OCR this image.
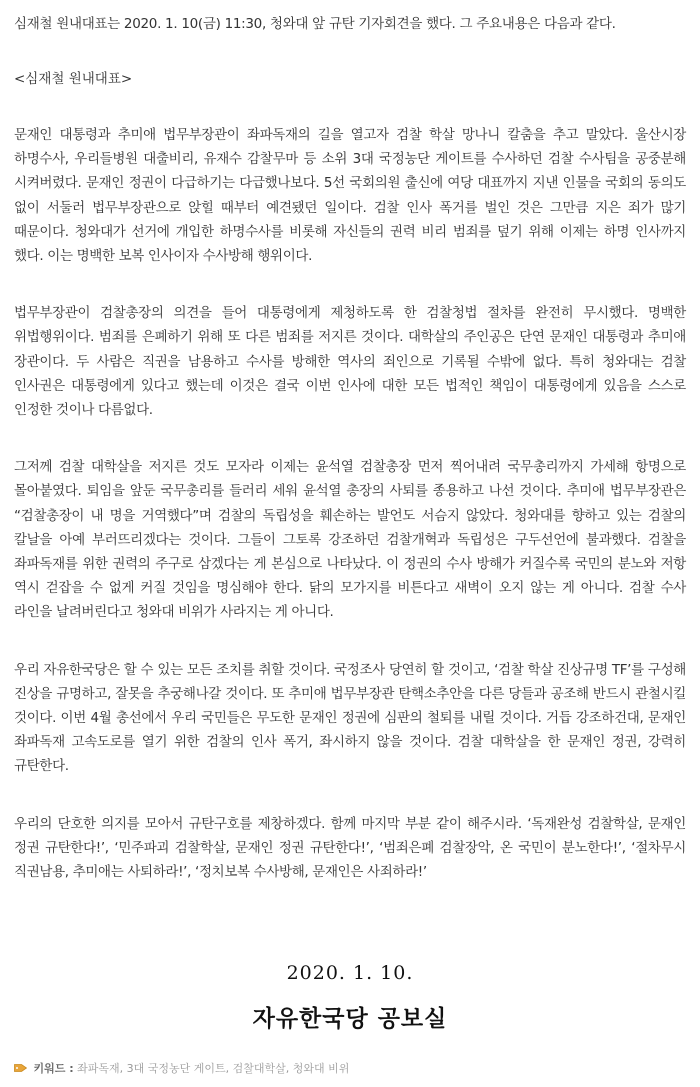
심재철 원내대표는 2020. 1. 10(금) 11:30, 청와대 앞 규탄 기자회견을 했다. 그 주요내용은 다음과 같다.

<심재철 원내대표>

문재인 대통령과 추미애 법무부장관이 좌파독재의 길을 열고자 검찰 학살 망나니 칼춤을 추고 말았다. 울산시장 하명수사, 우리들병원 대출비리, 유재수 감찰무마 등 소위 3대 국정농단 게이트를 수사하던 검찰 수사팀을 공중분해 시켜버렸다. 문재인 정권이 다급하기는 다급했나보다. 5선 국회의원 출신에 여당 대표까지 지낸 인물을 국회의 동의도 없이 서둘러 법무부장관으로 앉힐 때부터 예견됐던 일이다. 검찰 인사 폭거를 벌인 것은 그만큼 지은 죄가 많기 때문이다. 청와대가 선거에 개입한 하명수사를 비롯해 자신들의 권력 비리 범죄를 덮기 위해 이제는 하명 인사까지 했다. 이는 명백한 보복 인사이자 수사방해 행위이다.

법무부장관이 검찰총장의 의견을 들어 대통령에게 제청하도록 한 검찰청법 절차를 완전히 무시했다. 명백한 위법행위이다. 범죄를 은폐하기 위해 또 다른 범죄를 저지른 것이다. 대학살의 주인공은 단연 문재인 대통령과 추미애 장관이다. 두 사람은 직권을 남용하고 수사를 방해한 역사의 죄인으로 기록될 수밖에 없다. 특히 청와대는 검찰 인사권은 대통령에게 있다고 했는데 이것은 결국 이번 인사에 대한 모든 법적인 책임이 대통령에게 있음을 스스로 인정한 것이나 다름없다.

그저께 검찰 대학살을 저지른 것도 모자라 이제는 윤석열 검찰총장 먼저 찍어내려 국무총리까지 가세해 항명으로 몰아붙였다. 퇴임을 앞둔 국무총리를 들러리 세워 윤석열 총장의 사퇴를 종용하고 나선 것이다. 추미애 법무부장관은 “검찰총장이 내 명을 거역했다”며 검찰의 독립성을 훼손하는 발언도 서슴지 않았다. 청와대를 향하고 있는 검찰의 칼날을 아예 부러뜨리겠다는 것이다. 그들이 그토록 강조하던 검찰개혁과 독립성은 구두선언에 불과했다. 검찰을 좌파독재를 위한 권력의 주구로 삼겠다는 게 본심으로 나타났다. 이 정권의 수사 방해가 커질수록 국민의 분노와 저항 역시 걷잡을 수 없게 커질 것임을 명심해야 한다. 닭의 모가지를 비튼다고 새벽이 오지 않는 게 아니다. 검찰 수사 라인을 날려버린다고 청와대 비위가 사라지는 게 아니다.

우리 자유한국당은 할 수 있는 모든 조치를 취할 것이다. 국정조사 당연히 할 것이고, ‘검찰 학살 진상규명 TF’를 구성해 진상을 규명하고, 잘못을 추궁해나갈 것이다. 또 추미애 법무부장관 탄핵소추안을 다른 당들과 공조해 반드시 관철시킬 것이다. 이번 4월 총선에서 우리 국민들은 무도한 문재인 정권에 심판의 철퇴를 내릴 것이다. 거듭 강조하건대, 문재인 좌파독재 고속도로를 열기 위한 검찰의 인사 폭거, 좌시하지 않을 것이다. 검찰 대학살을 한 문재인 정권, 강력히 규탄한다.

우리의 단호한 의지를 모아서 규탄구호를 제창하겠다. 함께 마지막 부분 같이 해주시라. ‘독재완성 검찰학살, 문재인 정권 규탄한다!’, ‘민주파괴 검찰학살, 문재인 정권 규탄한다!’, ‘범죄은폐 검찰장악, 온 국민이 분노한다!’, ‘절차무시 직권남용, 추미애는 사퇴하라!’, ‘정치보복 수사방해, 문재인은 사죄하라!’

2020. 1. 10.
자유한국당 공보실
키워드 : 좌파독재, 3대 국정농단 게이트, 검찰대학살, 청와대 비위
